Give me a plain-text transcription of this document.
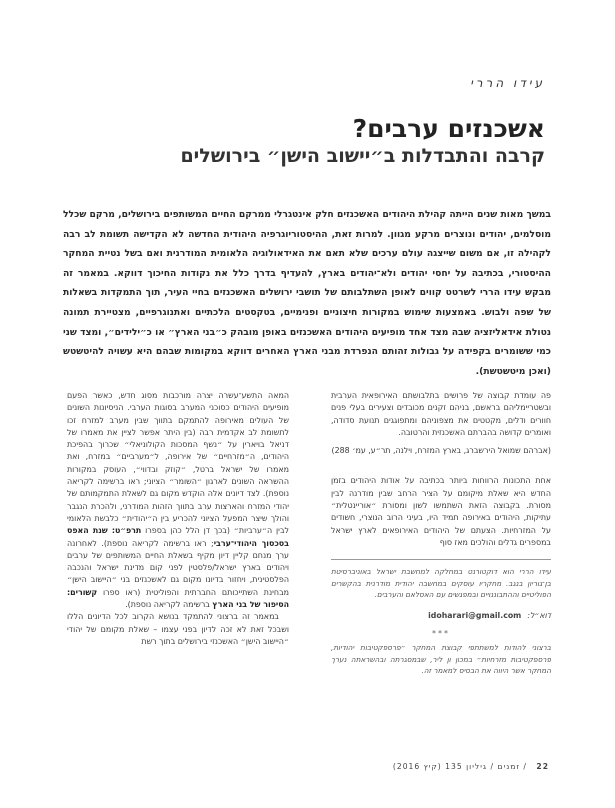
עידו הררי
אשכנזים ערבים?
קרבה והתבדלות ב״יישוב הישן״ בירושלים

במשך מאות שנים הייתה קהילת היהודים האשכנזים חלק אינטגרלי ממרקם החיים המשותפים בירושלים, מרקם שכלל מוסלמים, יהודים ונוצרים מרקע מגוון. למרות זאת, ההיסטוריוגרפיה היהודית החדשה לא הקדישה תשומת לב רבה לקהילה זו, אם משום שייצגה עולם ערכים שלא תאם את האידאולוגיה הלאומית המודרנית ואם בשל נטיית המחקר ההיסטורי, בכתיבה על יחסי יהודים ולא־יהודים בארץ, להעדיף בדרך כלל את נקודות החיכוך דווקא. במאמר זה מבקש עידו הררי לשרטט קווים לאופן השתלבותם של תושבי ירושלים האשכנזים בחיי העיר, תוך התמקדות בשאלות של שפה ולבוש. באמצעות שימוש במקורות חיצוניים ופנימיים, בטקסטים הלכתיים ואתנוגרפיים, מצטיירת תמונה נטולת אידאליזציה שבה מצד אחד מופיעים היהודים האשכנזים באופן מובהק כ״בני הארץ״ או כ״ילידים״, ומצד שני כמי ששומרים בקפידה על גבולות זהותם הנפרדת מבני הארץ האחרים דווקא במקומות שבהם היא עשויה להיטשטש (ואכן מיטשטשת).

פה עומדת קבוצה של פרושים בתלבושתם האירופאית הערבית ובשטריימליהם בראשם, בניהם זקנים מכובדים וצעירים בעלי פנים חוורים ודלים, מקטטים את מצפוניהם ומתפוגגים תנועת סדודה, ואומרים קדושה בהברתם האשכנזית והרטובה.

(אברהם שמואל הירשברג, בארץ המזרח, וילנה, תר״ע, עמ׳ 288)

אחת התכונות הרווחות ביותר בכתיבה על אודות היהודים בזמן החדש היא שאלת מיקומם על הציר הרחב שבין מודרנה לבין מסורת. בקבוצה הזאת השתמשו לשון ומסורת ״אוריינטלית״ עתיקות, היהודים באירופה תמיד היו, בעיני הרוב הנוצרי, חשודים על המזרחיות. הצעתם של היהודים האירופאים לארץ ישראל במספרים גדלים והולכים מאז סוף

עידו הררי הוא דוקטורנט במחלקה למחשבת ישראל באוניברסיטת בן־גוריון בנגב. מחקריו עוסקים במחשבה יהודית מודרנית בהקשרים הפוליטיים וההתבוננויים ובמפגשים עם האסלאם והערבים.

דוא״ל:
idoharari@gmail.com
***

ברצוני להודות למשתתפי קבוצת המחקר ״פרספקטיבות יהודיות, פרספקטיבות מזרחיות״ במכון ון ליר, שבמסגרתה ובהשראתה נערך המחקר אשר היווה את הבסיס למאמר זה.

המאה התשע־עשרה יצרה מורכבות מסוג חדש, כאשר הפעם מופיעים היהודים כסוכני המערב בסוגות הערבי. הניסיונות השונים של העולים מאירופה להתמקם בתווך שבין מערב למזרח זכו לתשומת לב אקדמית רבה (בין היתר אפשר לציין את מאמרו של דניאל בויארין על ״נשף המסכות הקולוניאלי״ שכרוך בהפיכת היהודים, ה״מזרחיים״ של אירופה, ל״מערביים״ במזרח, ואת מאמרו של ישראל ברטל, ״קוזק ובדווי״, העוסק במקורות ההשראה השונים לארגון ״השומר״ הציוני; ראו ברשימה לקריאה נוספת). לצד דיונים אלה הוקדש מקום גם לשאלת התמקמותם של יהודי המזרח והארצות ערב בתווך הזהות המודרני, ולהכרת הנגבר והולך שיצר המפעל הציוני להכריע בין ה״יהודית״ כלבשת הלאומי לבין ה״ערביות״ (בכך דן הלל כהן בספרו תרפ״ט: שנת האפס בסכסוך היהודי־ערבי; ראו ברשימה לקריאה נוספת). לאחרונה ערך מנחם קליין דיון מקיף בשאלת החיים המשותפים של ערבים ויהודים בארץ ישראל/פלסטין לפני קום מדינת ישראל והנכבה הפלסטינית, ויחזור בדיונו מקום גם לאשכנזים בני ״היישוב הישן״ מבחינת השתייכותם החברתית והפוליטית (ראו ספרו קשורים: הסיפור של בני הארץ ברשימה לקריאה נוספת).

במאמר זה ברצוני להתמקד בנושא הקרוב לכל הדיונים הללו ושבכל זאת לא זכה לדיון בפני עצמו – שאלת מקומם של יהודי ״היישוב הישן״ האשכנזי בירושלים בתוך רשת

22 / זמנים / גיליון 135 (קיץ 2016)
